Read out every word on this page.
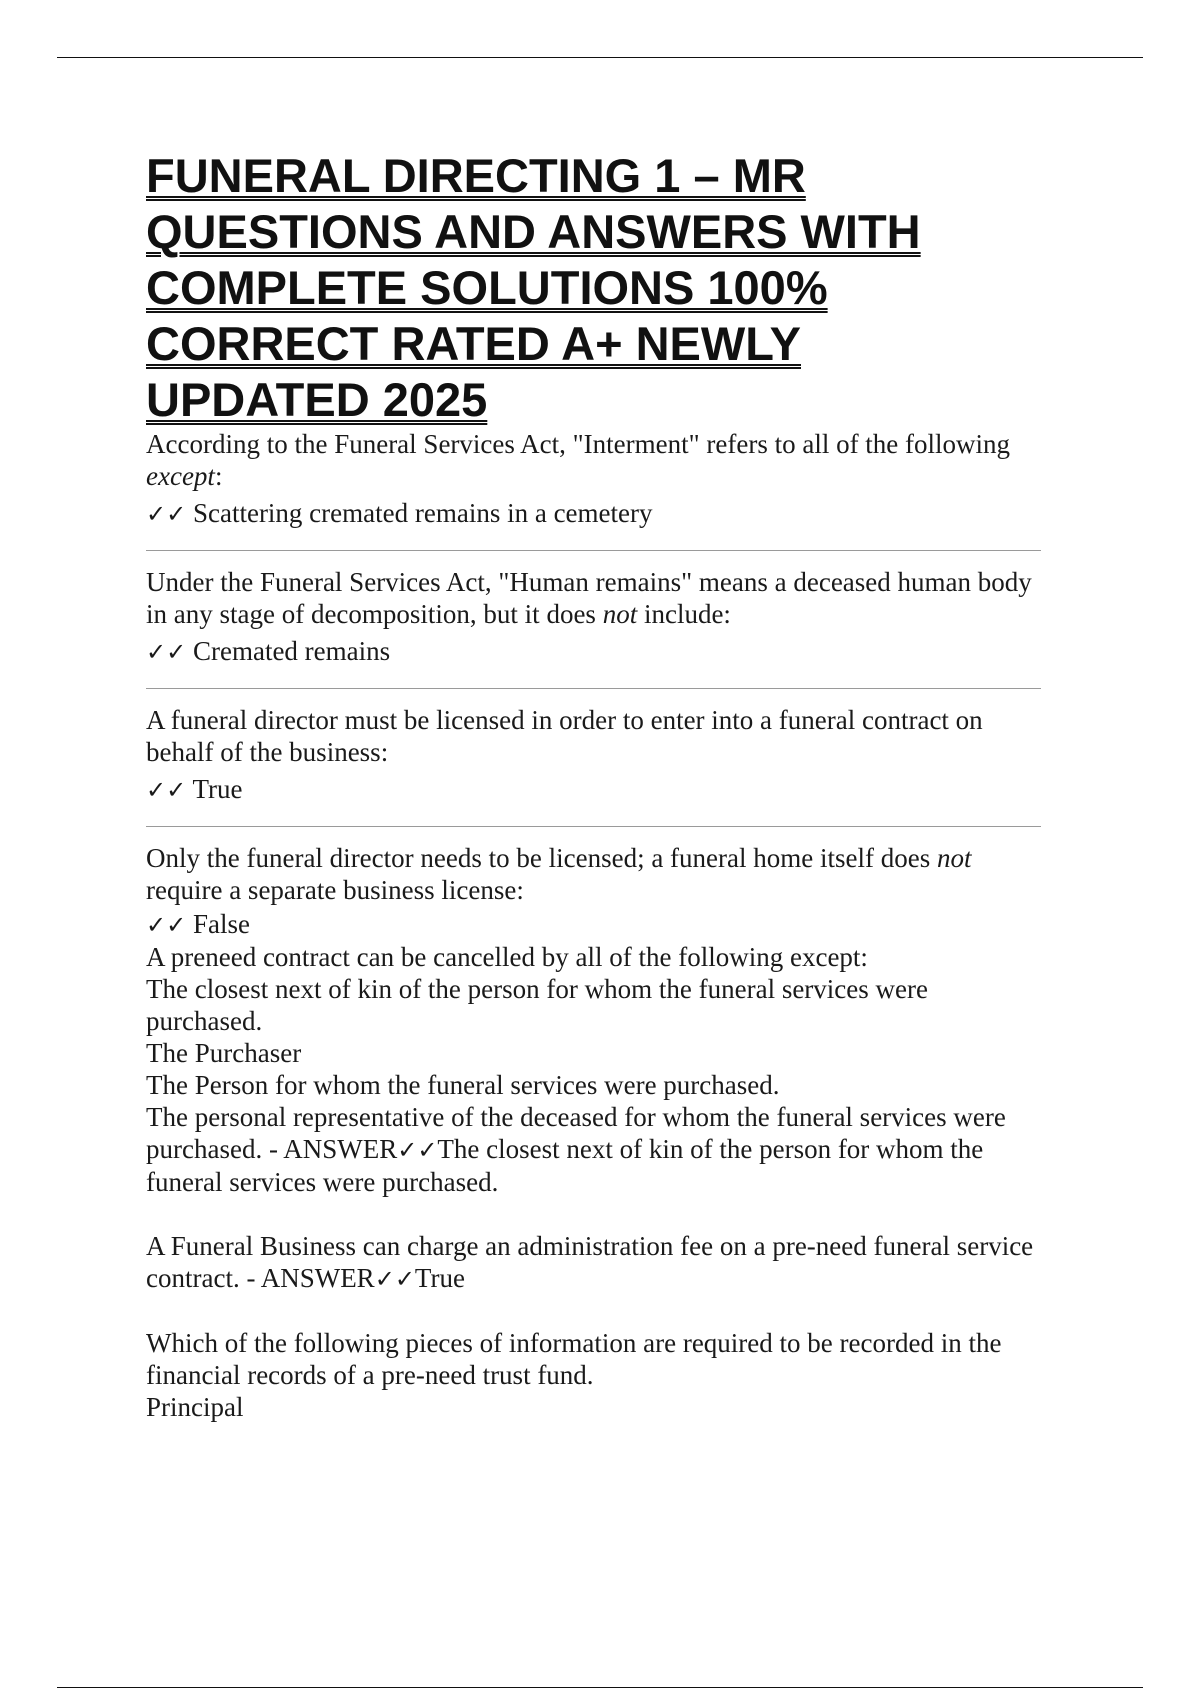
FUNERAL DIRECTING 1 – MR QUESTIONS AND ANSWERS WITH COMPLETE SOLUTIONS 100% CORRECT RATED A+ NEWLY UPDATED 2025

According to the Funeral Services Act, "Interment" refers to all of the following except:

✓✓ Scattering cremated remains in a cemetery

Under the Funeral Services Act, "Human remains" means a deceased human body in any stage of decomposition, but it does not include:

✓✓ Cremated remains

A funeral director must be licensed in order to enter into a funeral contract on behalf of the business:

✓✓ True

Only the funeral director needs to be licensed; a funeral home itself does not require a separate business license:

✓✓ False

A preneed contract can be cancelled by all of the following except:

The closest next of kin of the person for whom the funeral services were purchased.

The Purchaser

The Person for whom the funeral services were purchased.

The personal representative of the deceased for whom the funeral services were purchased. - ANSWER✓✓The closest next of kin of the person for whom the funeral services were purchased.

A Funeral Business can charge an administration fee on a pre-need funeral service contract. - ANSWER✓✓True

Which of the following pieces of information are required to be recorded in the financial records of a pre-need trust fund.

Principal
